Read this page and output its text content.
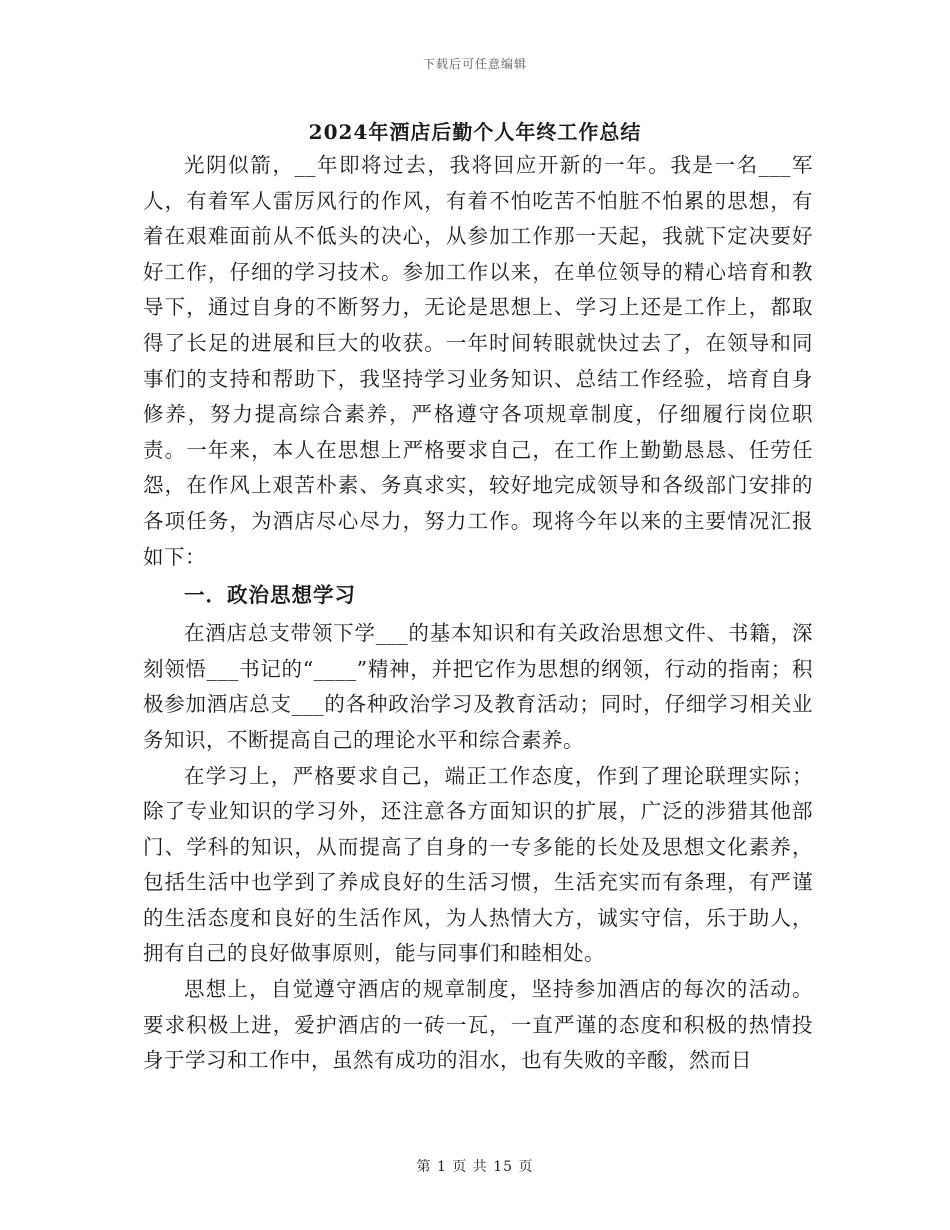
下载后可任意编辑
2024年酒店后勤个人年终工作总结

光阴似箭，__年即将过去，我将回应开新的一年。我是一名___军人，有着军人雷厉风行的作风，有着不怕吃苦不怕脏不怕累的思想，有着在艰难面前从不低头的决心，从参加工作那一天起，我就下定决要好好工作，仔细的学习技术。参加工作以来，在单位领导的精心培育和教导下，通过自身的不断努力，无论是思想上、学习上还是工作上，都取得了长足的进展和巨大的收获。一年时间转眼就快过去了，在领导和同事们的支持和帮助下，我坚持学习业务知识、总结工作经验，培育自身修养，努力提高综合素养，严格遵守各项规章制度，仔细履行岗位职责。一年来，本人在思想上严格要求自己，在工作上勤勤恳恳、任劳任怨，在作风上艰苦朴素、务真求实，较好地完成领导和各级部门安排的各项任务，为酒店尽心尽力，努力工作。现将今年以来的主要情况汇报如下：

一．政治思想学习

在酒店总支带领下学___的基本知识和有关政治思想文件、书籍，深刻领悟___书记的“____”精神，并把它作为思想的纲领，行动的指南；积极参加酒店总支___的各种政治学习及教育活动；同时，仔细学习相关业务知识，不断提高自己的理论水平和综合素养。

在学习上，严格要求自己，端正工作态度，作到了理论联理实际；除了专业知识的学习外，还注意各方面知识的扩展，广泛的涉猎其他部门、学科的知识，从而提高了自身的一专多能的长处及思想文化素养，包括生活中也学到了养成良好的生活习惯，生活充实而有条理，有严谨的生活态度和良好的生活作风，为人热情大方，诚实守信，乐于助人，拥有自己的良好做事原则，能与同事们和睦相处。

思想上，自觉遵守酒店的规章制度，坚持参加酒店的每次的活动。要求积极上进，爱护酒店的一砖一瓦，一直严谨的态度和积极的热情投身于学习和工作中，虽然有成功的泪水，也有失败的辛酸，然而日

第 1 页 共 15 页
